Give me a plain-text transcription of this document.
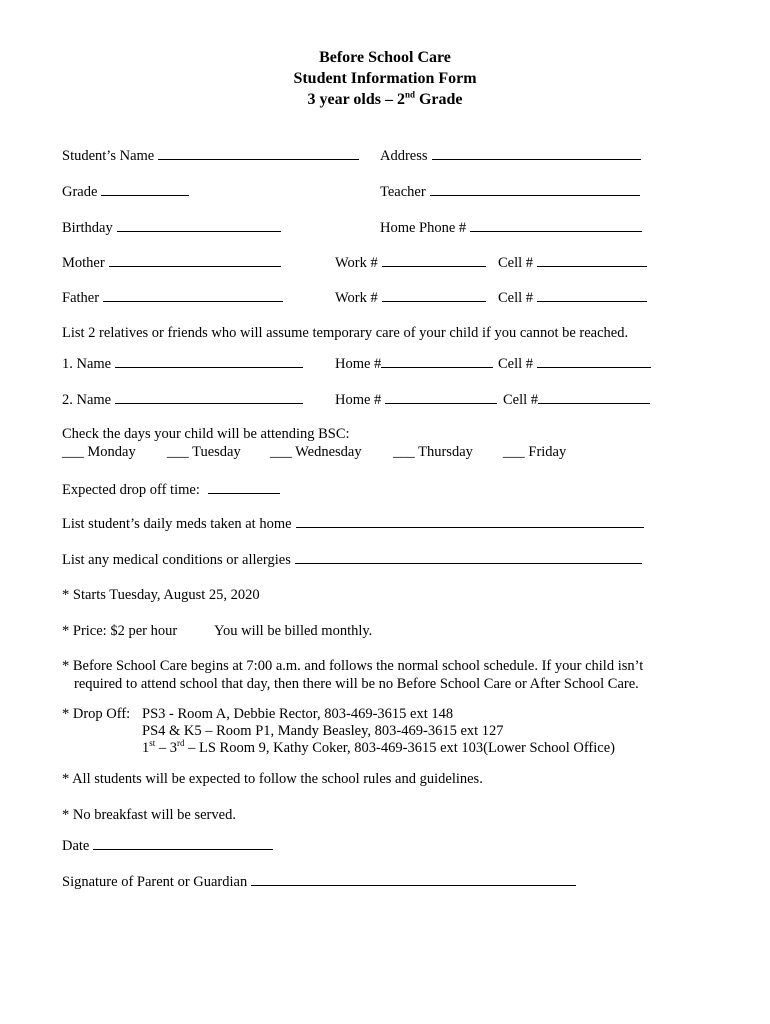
Before School Care
Student Information Form
3 year olds – 2nd Grade
Student’s Name	Address
Grade	Teacher
Birthday	Home Phone #
Mother	Work #	Cell #
Father	Work #	Cell #
List 2 relatives or friends who will assume temporary care of your child if you cannot be reached.
1. Name	Home #	Cell #
2. Name	Home #	Cell #
Check the days your child will be attending BSC:
___ Monday ___ Tuesday ___ Wednesday ___ Thursday ___ Friday
Expected drop off time:
List student’s daily meds taken at home
List any medical conditions or allergies
* Starts Tuesday, August 25, 2020
* Price: $2 per hour	You will be billed monthly.
* Before School Care begins at 7:00 a.m. and follows the normal school schedule. If your child isn’t
required to attend school that day, then there will be no Before School Care or After School Care.
* Drop Off: PS3 - Room A, Debbie Rector, 803-469-3615 ext 148
PS4 & K5 – Room P1, Mandy Beasley, 803-469-3615 ext 127
1st – 3rd – LS Room 9, Kathy Coker, 803-469-3615 ext 103(Lower School Office)
* All students will be expected to follow the school rules and guidelines.
* No breakfast will be served.
Date
Signature of Parent or Guardian
